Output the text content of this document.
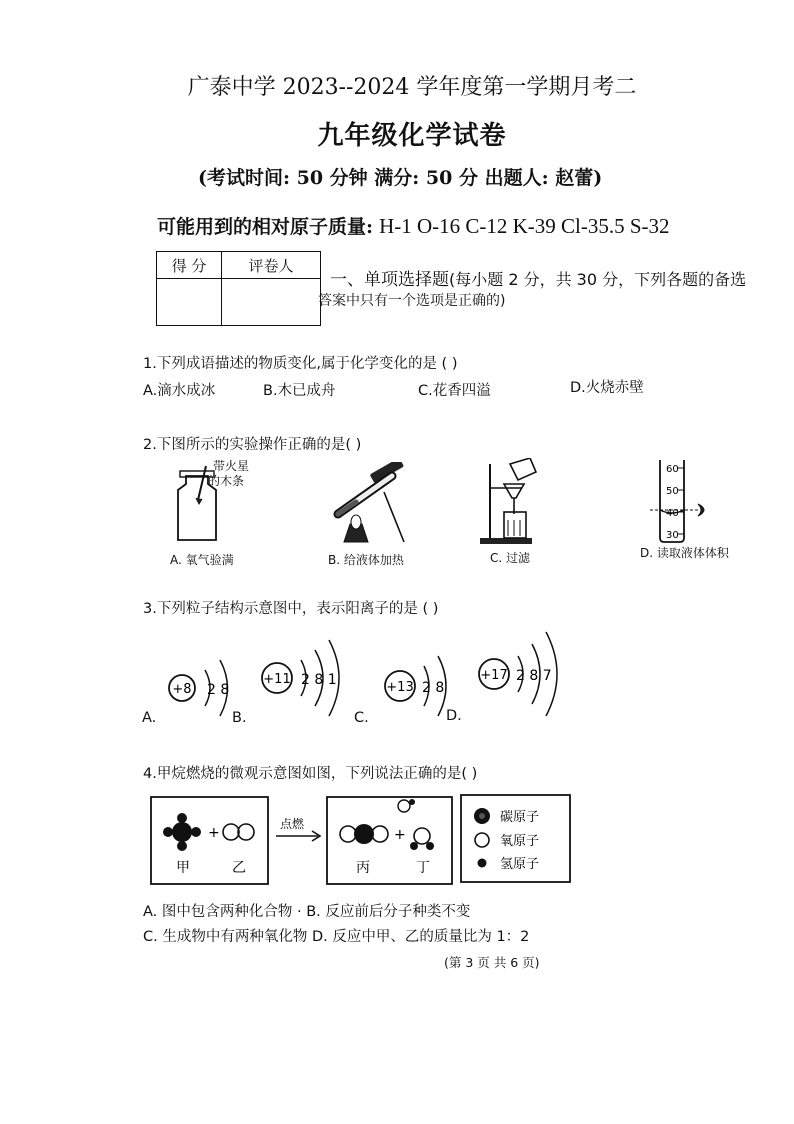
广泰中学 2023--2024 学年度第一学期月考二
九年级化学试卷
(考试时间: 50 分钟 满分: 50 分 出题人: 赵蕾)
可能用到的相对原子质量: H-1 O-16 C-12 K-39 Cl-35.5 S-32
得 分	评卷人

一、单项选择题(每小题 2 分，共 30 分，下列各题的备选
答案中只有一个选项是正确的)
1.下列成语描述的物质变化,属于化学变化的是 ( )
A.滴水成冰	B.木已成舟	C.花香四溢	D.火烧赤壁
2.下图所示的实验操作正确的是( )
带火星
的木条
A. 氧气验满	B. 给液体加热	C. 过滤
60
50
40
30
D. 读取液体体积
3.下列粒子结构示意图中，表示阳离子的是 ( )
+8 2 8
A.
+11 2 8 1
B.
+13 2 8
C.
+17 2 8 7
D.
4.甲烷燃烧的微观示意图如图，下列说法正确的是( )
+
甲	乙
点燃
+
丙	丁
碳原子
氧原子
氢原子
A. 图中包含两种化合物 · B. 反应前后分子种类不变
C. 生成物中有两种氧化物 D. 反应中甲、乙的质量比为 1：2
(第 3 页 共 6 页)
